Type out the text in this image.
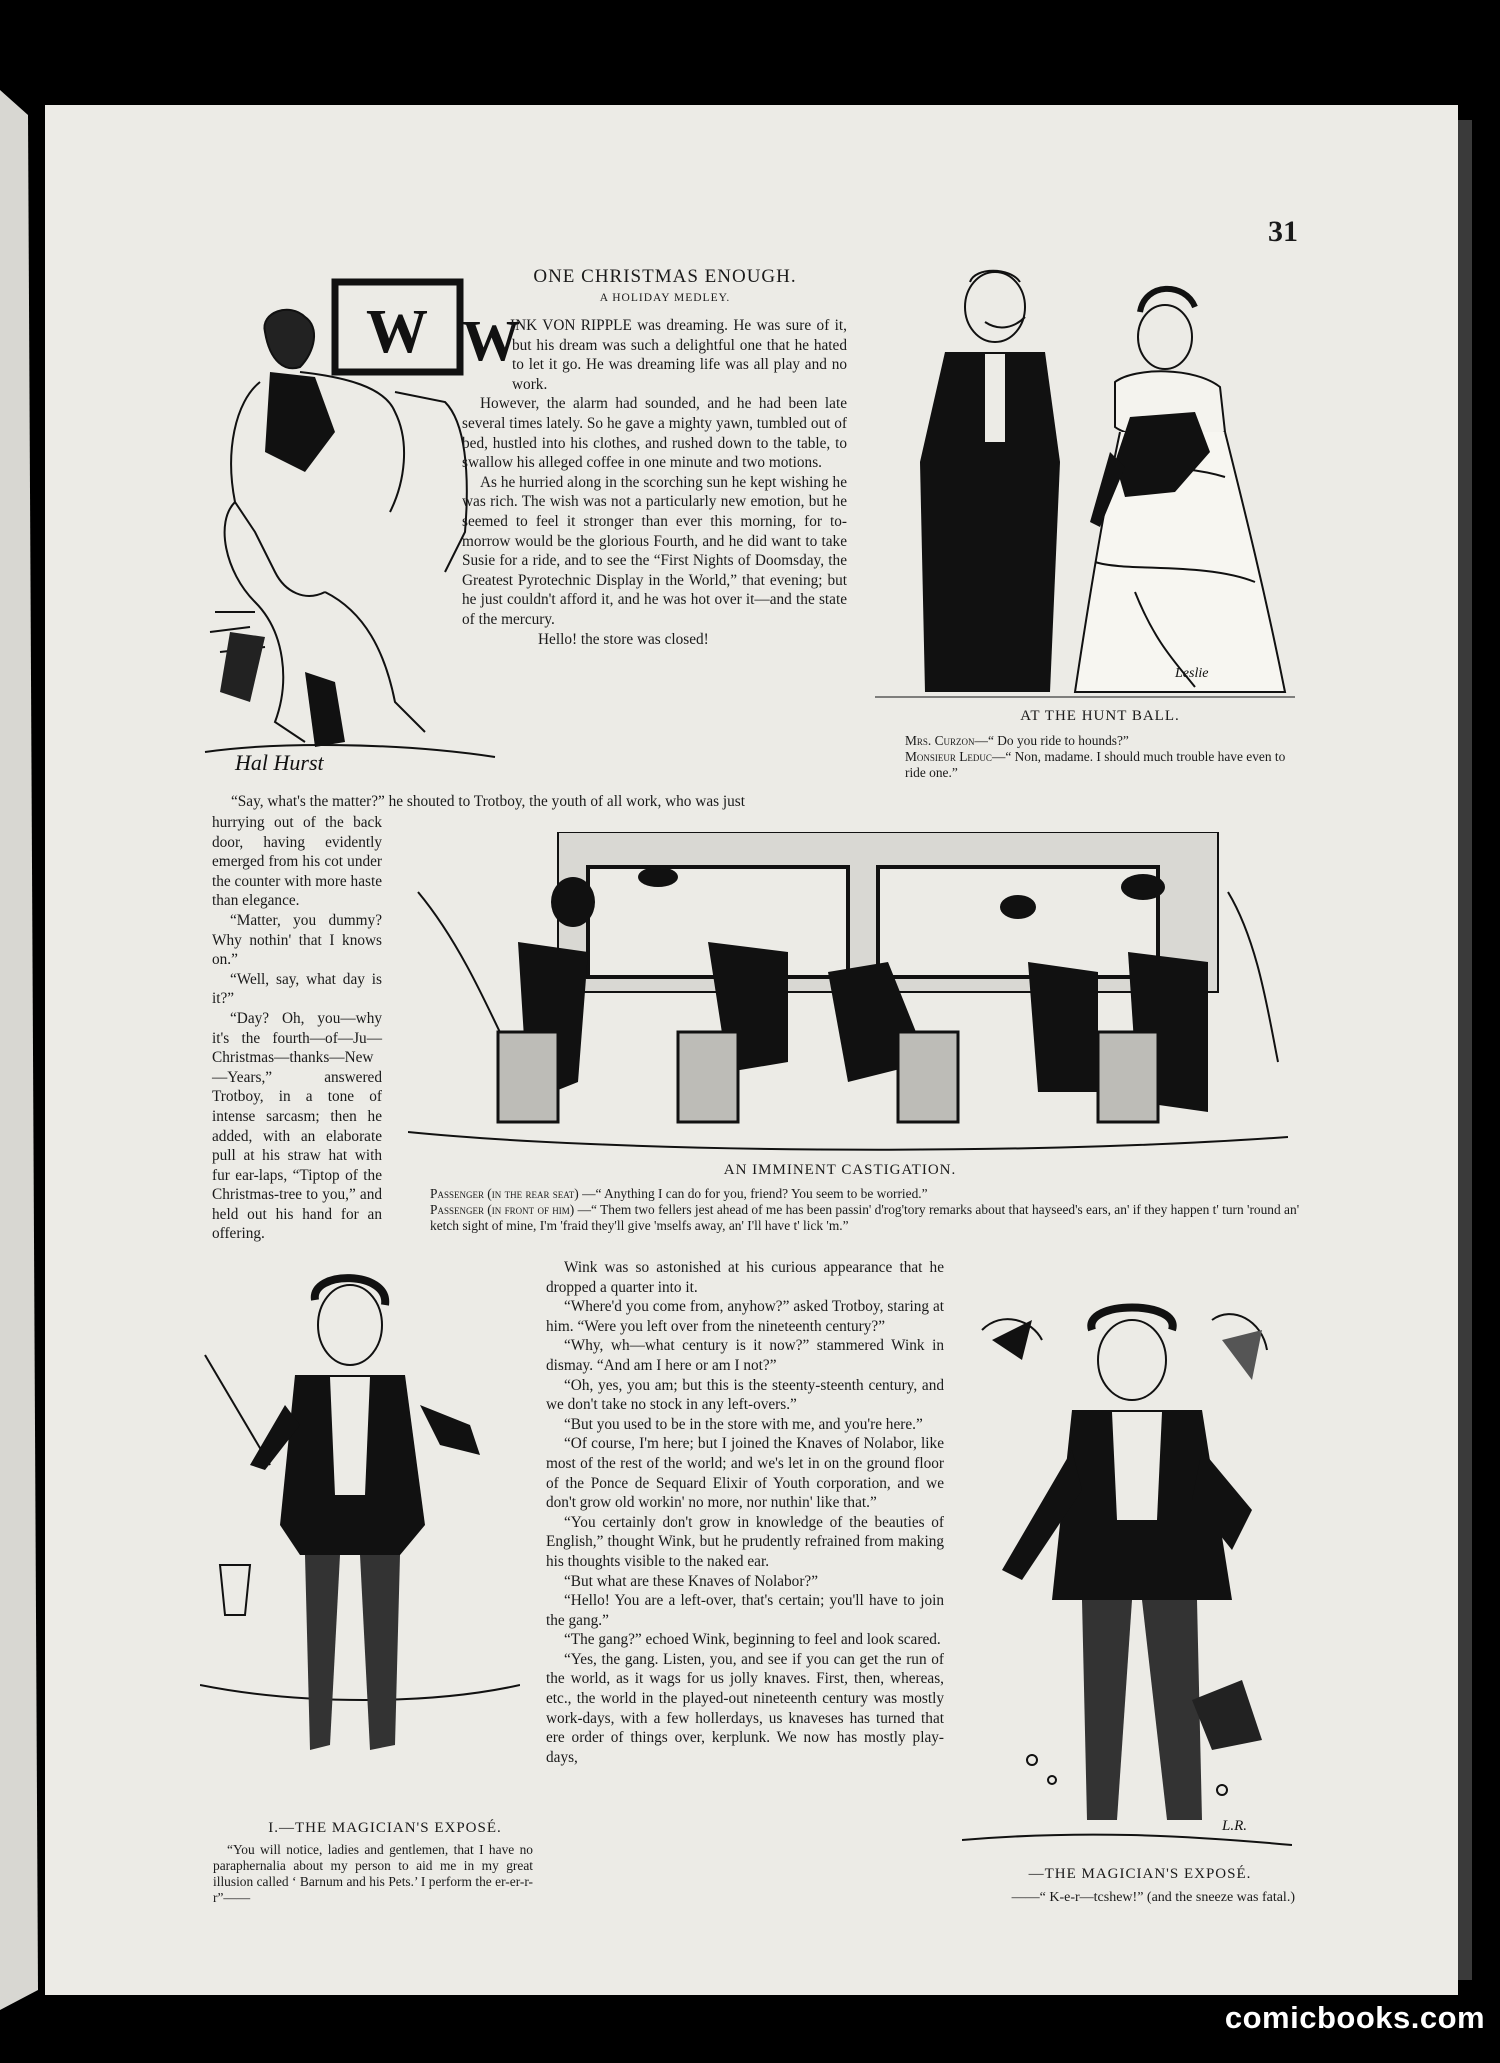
31
W
Hal Hurst
ONE CHRISTMAS ENOUGH.
A HOLIDAY MEDLEY.
W

INK VON RIPPLE was dreaming. He was sure of it, but his dream was such a delightful one that he hated to let it go. He was dreaming life was all play and no work.

However, the alarm had sounded, and he had been late several times lately. So he gave a mighty yawn, tumbled out of bed, hustled into his clothes, and rushed down to the table, to swallow his alleged coffee in one minute and two motions.

As he hurried along in the scorching sun he kept wishing he was rich. The wish was not a particularly new emotion, but he seemed to feel it stronger than ever this morning, for to-morrow would be the glorious Fourth, and he did want to take Susie for a ride, and to see the “First Nights of Doomsday, the Greatest Pyrotechnic Display in the World,” that evening; but he just couldn't afford it, and he was hot over it—and the state of the mercury.

Hello! the store was closed!

“Say, what's the matter?” he shouted to Trotboy, the youth of all work, who was just

Leslie
AT THE HUNT BALL.
Mrs. Curzon—“ Do you ride to hounds?”
Monsieur Leduc—“ Non, madame. I should much trouble have even to ride one.”

hurrying out of the back door, having evidently emerged from his cot under the counter with more haste than elegance.

“Matter, you dummy? Why nothin' that I knows on.”

“Well, say, what day is it?”

“Day? Oh, you—why it's the fourth—of—Ju—Christmas—thanks—New—Years,” answered Trotboy, in a tone of intense sarcasm; then he added, with an elaborate pull at his straw hat with fur ear-laps, “Tiptop of the Christmas-tree to you,” and held out his hand for an offering.

AN IMMINENT CASTIGATION.
Passenger (in the rear seat) —“ Anything I can do for you, friend? You seem to be worried.”
Passenger (in front of him) —“ Them two fellers jest ahead of me has been passin' d'rog'tory remarks about that hayseed's ears, an' if they happen t' turn 'round an' ketch sight of mine, I'm 'fraid they'll give 'mselfs away, an' I'll have t' lick 'm.”
I.—THE MAGICIAN'S EXPOSÉ.
“You will notice, ladies and gentlemen, that I have no paraphernalia about my person to aid me in my great illusion called ‘ Barnum and his Pets.’ I perform the er-er-r-r”——

Wink was so astonished at his curious appearance that he dropped a quarter into it.

“Where'd you come from, anyhow?” asked Trotboy, staring at him. “Were you left over from the nineteenth century?”

“Why, wh—what century is it now?” stammered Wink in dismay. “And am I here or am I not?”

“Oh, yes, you am; but this is the steenty-steenth century, and we don't take no stock in any left-overs.”

“But you used to be in the store with me, and you're here.”

“Of course, I'm here; but I joined the Knaves of Nolabor, like most of the rest of the world; and we's let in on the ground floor of the Ponce de Sequard Elixir of Youth corporation, and we don't grow old workin' no more, nor nuthin' like that.”

“You certainly don't grow in knowledge of the beauties of English,” thought Wink, but he prudently refrained from making his thoughts visible to the naked ear.

“But what are these Knaves of Nolabor?”

“Hello! You are a left-over, that's certain; you'll have to join the gang.”

“The gang?” echoed Wink, beginning to feel and look scared.

“Yes, the gang. Listen, you, and see if you can get the run of the world, as it wags for us jolly knaves. First, then, whereas, etc., the world in the played-out nineteenth century was mostly work-days, with a few hollerdays, us knaveses has turned that ere order of things over, kerplunk. We now has mostly play-days,

L.R.
—THE MAGICIAN'S EXPOSÉ.
——“ K-e-r—tcshew!” (and the sneeze was fatal.)
comicbooks.com
